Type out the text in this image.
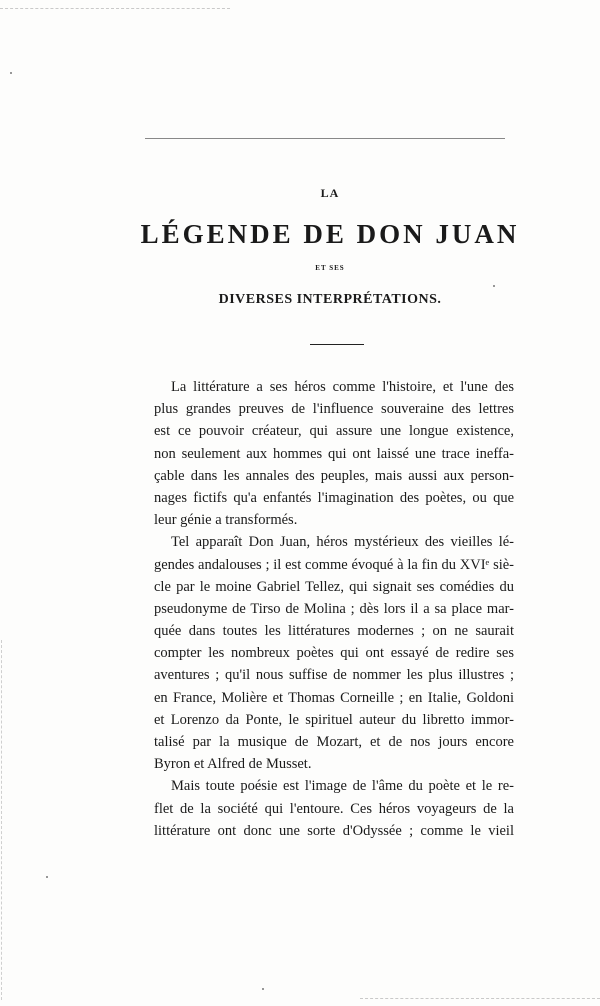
LA
LÉGENDE DE DON JUAN
ET SES
DIVERSES INTERPRÉTATIONS.
La littérature a ses héros comme l'histoire, et l'une des
plus grandes preuves de l'influence souveraine des lettres
est ce pouvoir créateur, qui assure une longue existence,
non seulement aux hommes qui ont laissé une trace ineffa-
çable dans les annales des peuples, mais aussi aux person-
nages fictifs qu'a enfantés l'imagination des poètes, ou que
leur génie a transformés.
Tel apparaît Don Juan, héros mystérieux des vieilles lé-
gendes andalouses ; il est comme évoqué à la fin du XVIᵉ siè-
cle par le moine Gabriel Tellez, qui signait ses comédies du
pseudonyme de Tirso de Molina ; dès lors il a sa place mar-
quée dans toutes les littératures modernes ; on ne saurait
compter les nombreux poètes qui ont essayé de redire ses
aventures ; qu'il nous suffise de nommer les plus illustres ;
en France, Molière et Thomas Corneille ; en Italie, Goldoni
et Lorenzo da Ponte, le spirituel auteur du libretto immor-
talisé par la musique de Mozart, et de nos jours encore
Byron et Alfred de Musset.
Mais toute poésie est l'image de l'âme du poète et le re-
flet de la société qui l'entoure. Ces héros voyageurs de la
littérature ont donc une sorte d'Odyssée ; comme le vieil
